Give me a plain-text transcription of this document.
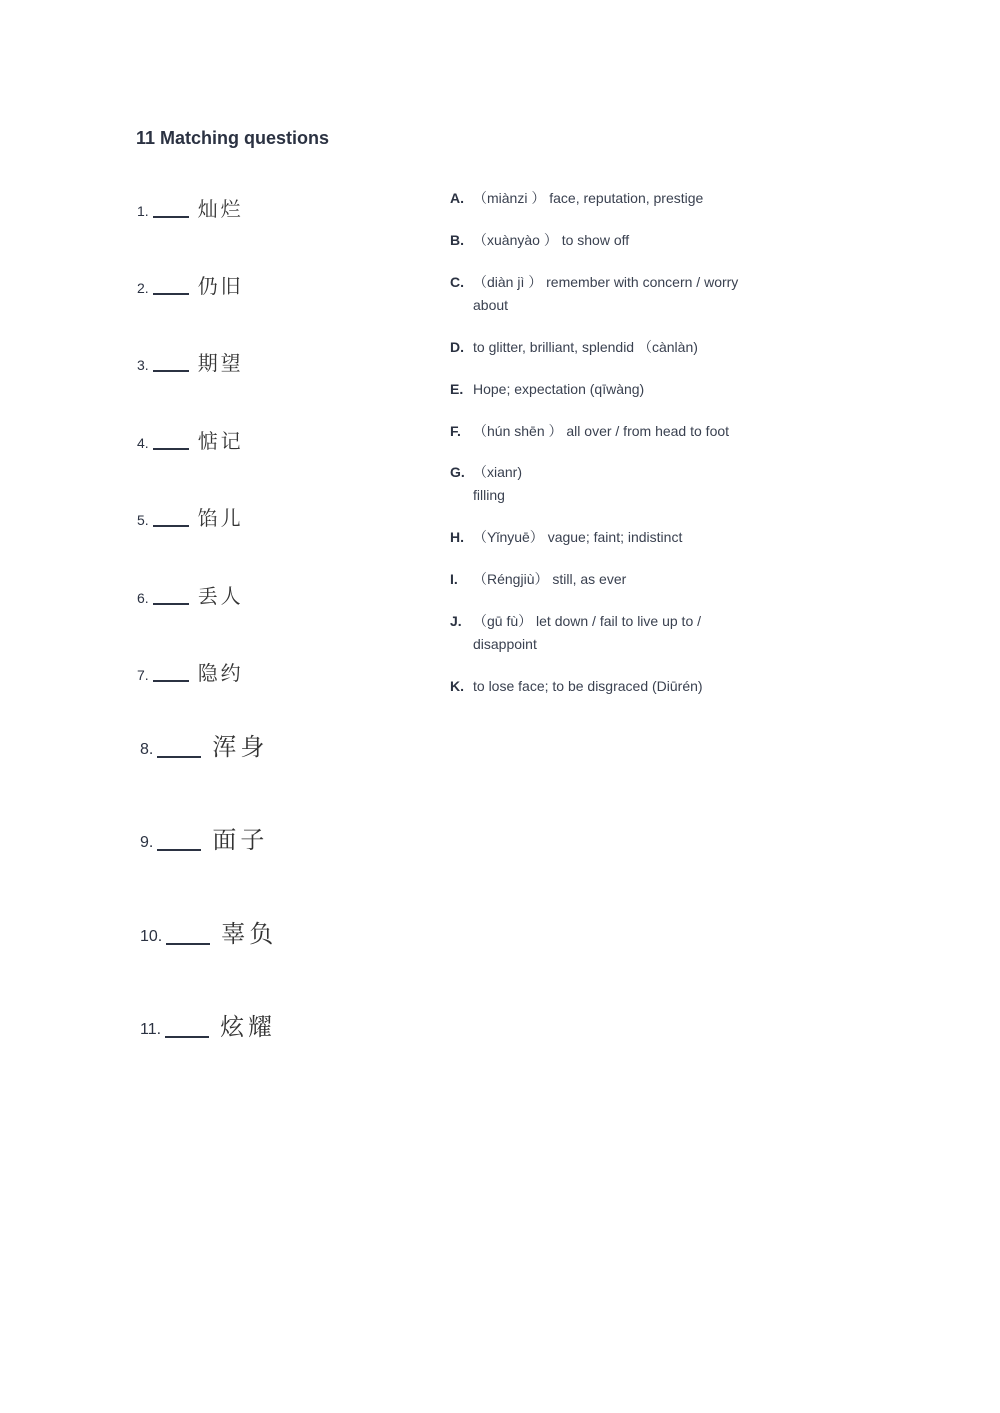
11 Matching questions
1. 灿烂
2. 仍旧
3. 期望
4. 惦记
5. 馅儿
6. 丢人
7. 隐约
8. 浑身
9. 面子
10. 辜负
11. 炫耀
A. （miànzi ） face, reputation, prestige
B. （xuànyào ） to show off
C. （diàn jì ） remember with concern / worry about
D. to glitter, brilliant, splendid （cànlàn)
E. Hope; expectation (qīwàng)
F. （hún shēn ） all over / from head to foot
G. （xianr)
filling
H. （Yǐnyuē） vague; faint; indistinct
I.	（Réngjiù） still, as ever
J. （gū fù） let down / fail to live up to / disappoint
K. to lose face; to be disgraced (Diūrén)
